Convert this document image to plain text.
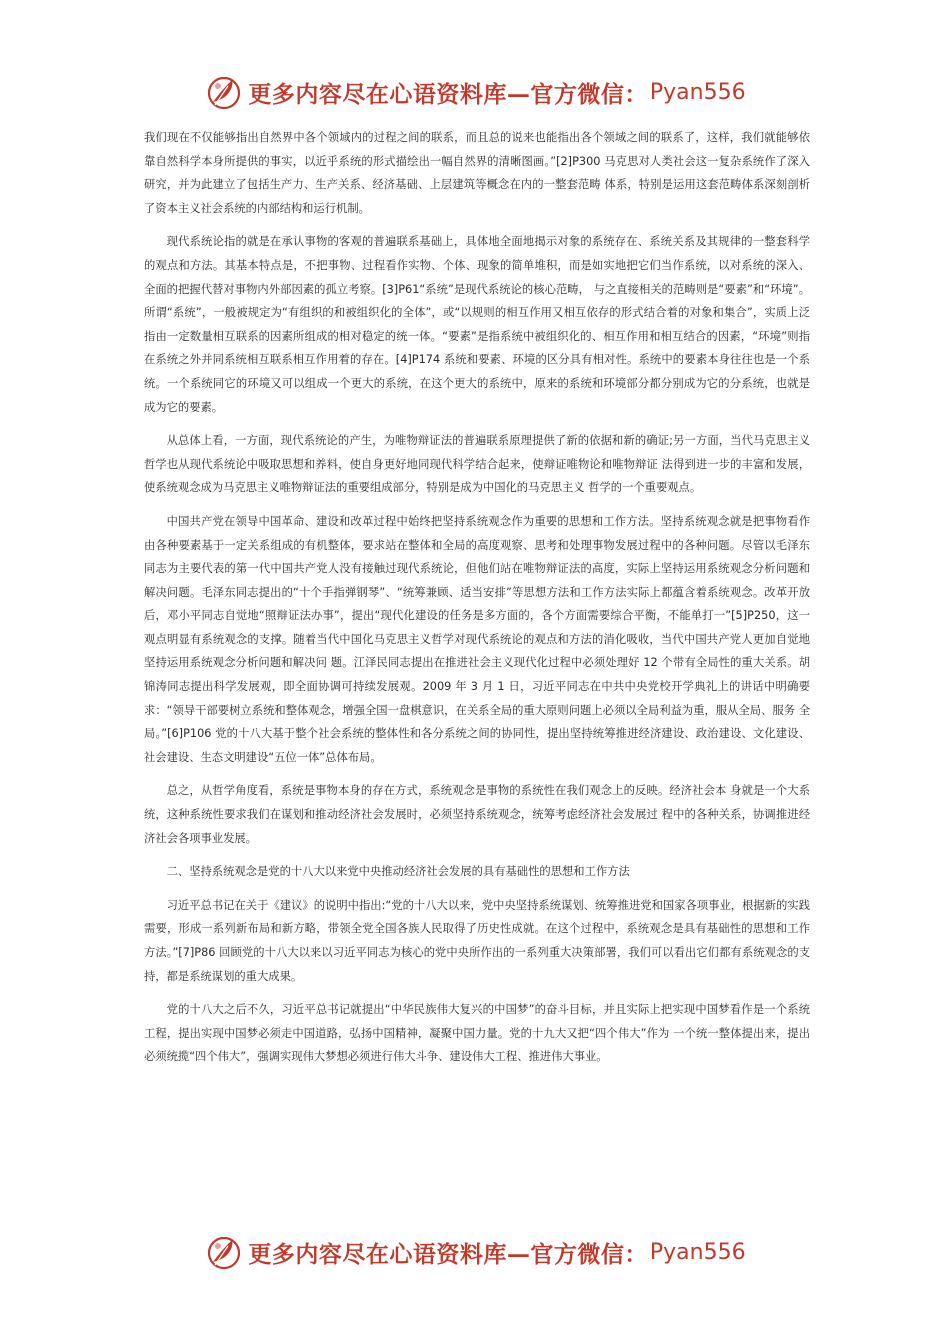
更多内容尽在心语资料库—官方微信： Pyan556

我们现在不仅能够指出自然界中各个领域内的过程之间的联系，而且总的说来也能指出各个领域之间的联系了，这样，我们就能够依靠自然科学本身所提供的事实，以近乎系统的形式描绘出一幅自然界的清晰图画。”[2]P300 马克思对人类社会这一复杂系统作了深入研究，并为此建立了包括生产力、生产关系、经济基础、上层建筑等概念在内的一整套范畴 体系，特别是运用这套范畴体系深刻剖析了资本主义社会系统的内部结构和运行机制。

现代系统论指的就是在承认事物的客观的普遍联系基础上，具体地全面地揭示对象的系统存在、系统关系及其规律的一整套科学的观点和方法。其基本特点是，不把事物、过程看作实物、个体、现象的简单堆积，而是如实地把它们当作系统，以对系统的深入、全面的把握代替对事物内外部因素的孤立考察。[3]P61“系统”是现代系统论的核心范畴， 与之直接相关的范畴则是“要素”和“环境”。所谓“系统”，一般被规定为“有组织的和被组织化的全体”，或“以规则的相互作用又相互依存的形式结合着的对象和集合”，实质上泛指由一定数量相互联系的因素所组成的相对稳定的统一体。“要素”是指系统中被组织化的、相互作用和相互结合的因素，“环境”则指在系统之外并同系统相互联系相互作用着的存在。[4]P174 系统和要素、环境的区分具有相对性。系统中的要素本身往往也是一个系统。一个系统同它的环境又可以组成一个更大的系统，在这个更大的系统中，原来的系统和环境部分都分别成为它的分系统，也就是成为它的要素。

从总体上看，一方面，现代系统论的产生，为唯物辩证法的普遍联系原理提供了新的依据和新的确证;另一方面，当代马克思主义哲学也从现代系统论中吸取思想和养料，使自身更好地同现代科学结合起来，使辩证唯物论和唯物辩证 法得到进一步的丰富和发展，使系统观念成为马克思主义唯物辩证法的重要组成部分，特别是成为中国化的马克思主义 哲学的一个重要观点。

中国共产党在领导中国革命、建设和改革过程中始终把坚持系统观念作为重要的思想和工作方法。坚持系统观念就是把事物看作由各种要素基于一定关系组成的有机整体，要求站在整体和全局的高度观察、思考和处理事物发展过程中的各种问题。尽管以毛泽东同志为主要代表的第一代中国共产党人没有接触过现代系统论，但他们站在唯物辩证法的高度，实际上坚持运用系统观念分析问题和解决问题。毛泽东同志提出的“十个手指弹钢琴”、“统筹兼顾、适当安排”等思想方法和工作方法实际上都蕴含着系统观念。改革开放后，邓小平同志自觉地“照辩证法办事”，提出“现代化建设的任务是多方面的，各个方面需要综合平衡，不能单打一”[5]P250，这一观点明显有系统观念的支撑。随着当代中国化马克思主义哲学对现代系统论的观点和方法的消化吸收，当代中国共产党人更加自觉地坚持运用系统观念分析问题和解决问 题。江泽民同志提出在推进社会主义现代化过程中必须处理好 12 个带有全局性的重大关系。胡锦涛同志提出科学发展观，即全面协调可持续发展观。2009 年 3 月 1 日，习近平同志在中共中央党校开学典礼上的讲话中明确要求：“领导干部要树立系统和整体观念，增强全国一盘棋意识，在关系全局的重大原则问题上必须以全局利益为重，服从全局、服务 全局。”[6]P106 党的十八大基于整个社会系统的整体性和各分系统之间的协同性，提出坚持统筹推进经济建设、政治建设、文化建设、社会建设、生态文明建设“五位一体”总体布局。

总之，从哲学角度看，系统是事物本身的存在方式，系统观念是事物的系统性在我们观念上的反映。经济社会本 身就是一个大系统，这种系统性要求我们在谋划和推动经济社会发展时，必须坚持系统观念，统筹考虑经济社会发展过 程中的各种关系，协调推进经济社会各项事业发展。

二、坚持系统观念是党的十八大以来党中央推动经济社会发展的具有基础性的思想和工作方法

习近平总书记在关于《建议》的说明中指出:“党的十八大以来，党中央坚持系统谋划、统筹推进党和国家各项事业，根据新的实践需要，形成一系列新布局和新方略，带领全党全国各族人民取得了历史性成就。在这个过程中，系统观念是具有基础性的思想和工作方法。”[7]P86 回顾党的十八大以来以习近平同志为核心的党中央所作出的一系列重大决策部署，我们可以看出它们都有系统观念的支持，都是系统谋划的重大成果。

党的十八大之后不久，习近平总书记就提出“中华民族伟大复兴的中国梦”的奋斗目标，并且实际上把实现中国梦看作是一个系统工程，提出实现中国梦必须走中国道路，弘扬中国精神，凝聚中国力量。党的十九大又把“四个伟大”作为 一个统一整体提出来，提出必须统揽“四个伟大”，强调实现伟大梦想必须进行伟大斗争、建设伟大工程、推进伟大事业。

更多内容尽在心语资料库—官方微信： Pyan556
